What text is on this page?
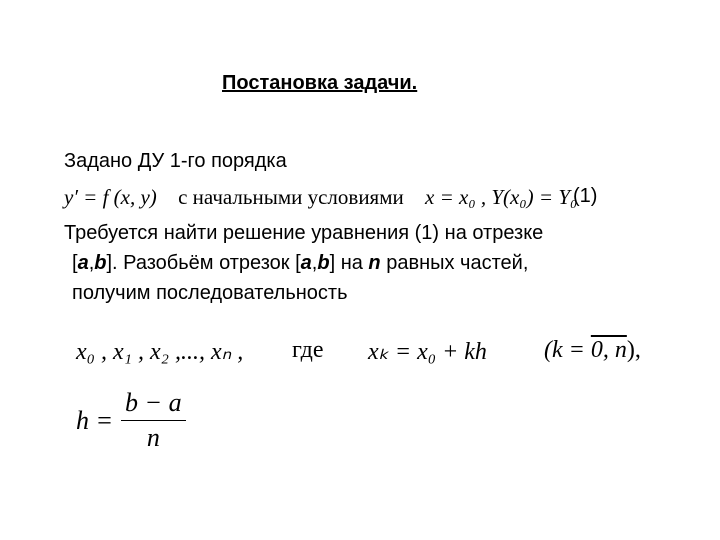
Постановка задачи.
Задано ДУ 1-го порядка
y′ = f (x, y) с начальными условиями x = x₀ , Y(x₀) = Y₀
(1)
Требуется найти решение уравнения (1) на отрезке
[a,b]. Разобьём отрезок [a,b] на n равных частей,
получим последовательность
x₀ , x₁ , x₂ ,..., xₙ , где xₖ = x₀ + kh (k = 0, n),
$h = \frac{b - a}{n}$
